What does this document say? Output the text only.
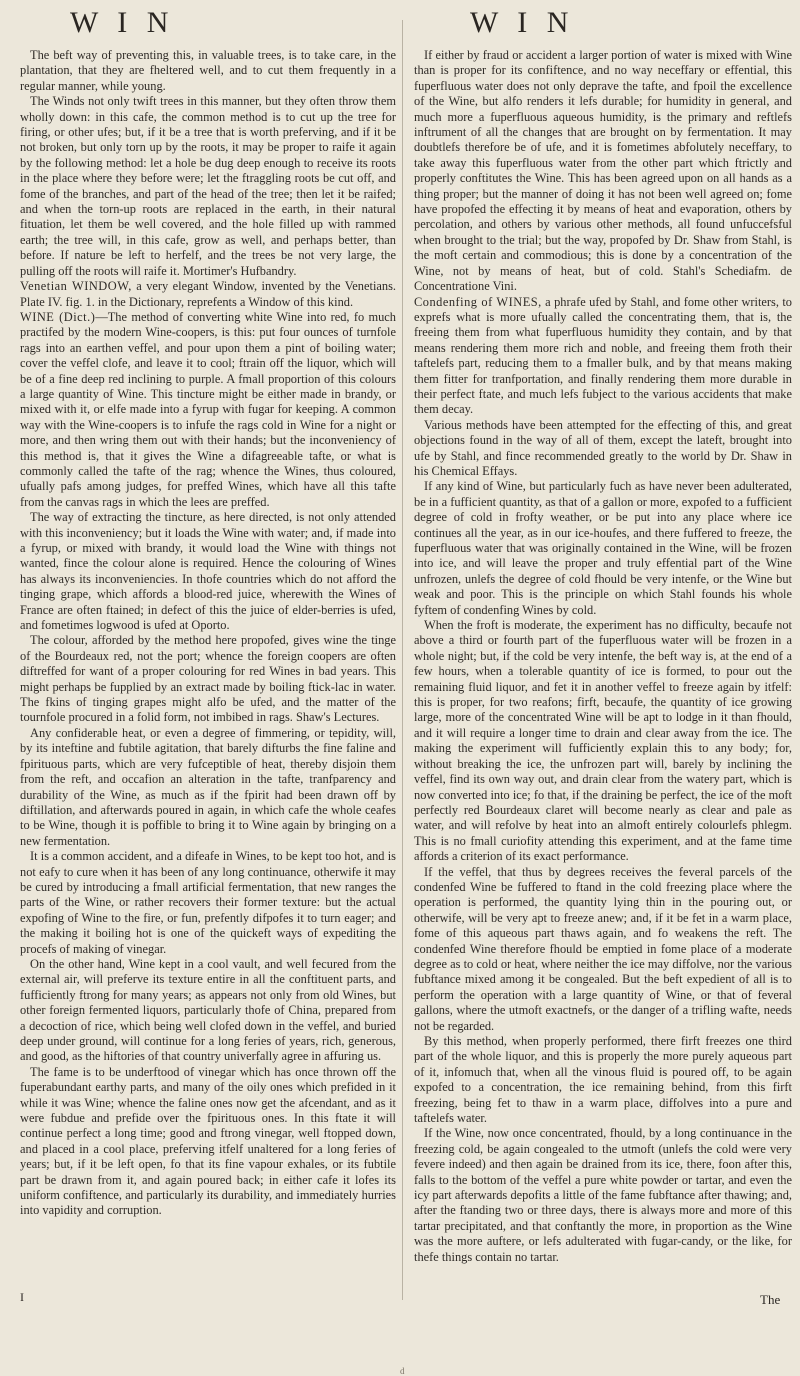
W I N	W I N

The beft way of preventing this, in valuable trees, is to take care, in the plantation, that they are fheltered well, and to cut them frequently in a regular manner, while young.

The Winds not only twift trees in this manner, but they often throw them wholly down: in this cafe, the common method is to cut up the tree for firing, or other ufes; but, if it be a tree that is worth preferving, and if it be not broken, but only torn up by the roots, it may be proper to raife it again by the following method: let a hole be dug deep enough to receive its roots in the place where they before were; let the ftraggling roots be cut off, and fome of the branches, and part of the head of the tree; then let it be raifed; and when the torn-up roots are replaced in the earth, in their natural fituation, let them be well covered, and the hole filled up with rammed earth; the tree will, in this cafe, grow as well, and perhaps better, than before. If nature be left to herfelf, and the trees be not very large, the pulling off the roots will raife it. Mortimer's Hufbandry.

Venetian WINDOW, a very elegant Window, invented by the Venetians. Plate IV. fig. 1. in the Dictionary, reprefents a Window of this kind.

WINE (Dict.)—The method of converting white Wine into red, fo much practifed by the modern Wine-coopers, is this: put four ounces of turnfole rags into an earthen veffel, and pour upon them a pint of boiling water; cover the veffel clofe, and leave it to cool; ftrain off the liquor, which will be of a fine deep red inclining to purple. A fmall proportion of this colours a large quantity of Wine. This tincture might be either made in brandy, or mixed with it, or elfe made into a fyrup with fugar for keeping. A common way with the Wine-coopers is to infufe the rags cold in Wine for a night or more, and then wring them out with their hands; but the inconveniency of this method is, that it gives the Wine a difagreeable tafte, or what is commonly called the tafte of the rag; whence the Wines, thus coloured, ufually pafs among judges, for preffed Wines, which have all this tafte from the canvas rags in which the lees are preffed.

The way of extracting the tincture, as here directed, is not only attended with this inconveniency; but it loads the Wine with water; and, if made into a fyrup, or mixed with brandy, it would load the Wine with things not wanted, fince the colour alone is required. Hence the colouring of Wines has always its inconveniencies. In thofe countries which do not afford the tinging grape, which affords a blood-red juice, wherewith the Wines of France are often ftained; in defect of this the juice of elder-berries is ufed, and fometimes logwood is ufed at Oporto.

The colour, afforded by the method here propofed, gives wine the tinge of the Bourdeaux red, not the port; whence the foreign coopers are often diftreffed for want of a proper colouring for red Wines in bad years. This might perhaps be fupplied by an extract made by boiling ftick-lac in water. The fkins of tinging grapes might alfo be ufed, and the matter of the tournfole procured in a folid form, not imbibed in rags. Shaw's Lectures.

Any confiderable heat, or even a degree of fimmering, or tepidity, will, by its inteftine and fubtile agitation, that barely difturbs the fine faline and fpirituous parts, which are very fufceptible of heat, thereby disjoin them from the reft, and occafion an alteration in the tafte, tranfparency and durability of the Wine, as much as if the fpirit had been drawn off by diftillation, and afterwards poured in again, in which cafe the whole ceafes to be Wine, though it is poffible to bring it to Wine again by bringing on a new fermentation.

It is a common accident, and a difeafe in Wines, to be kept too hot, and is not eafy to cure when it has been of any long continuance, otherwife it may be cured by introducing a fmall artificial fermentation, that new ranges the parts of the Wine, or rather recovers their former texture: but the actual expofing of Wine to the fire, or fun, prefently difpofes it to turn eager; and the making it boiling hot is one of the quickeft ways of expediting the procefs of making of vinegar.

On the other hand, Wine kept in a cool vault, and well fecured from the external air, will preferve its texture entire in all the conftituent parts, and fufficiently ftrong for many years; as appears not only from old Wines, but other foreign fermented liquors, particularly thofe of China, prepared from a decoction of rice, which being well clofed down in the veffel, and buried deep under ground, will continue for a long feries of years, rich, generous, and good, as the hiftories of that country univerfally agree in affuring us.

The fame is to be underftood of vinegar which has once thrown off the fuperabundant earthy parts, and many of the oily ones which prefided in it while it was Wine; whence the faline ones now get the afcendant, and as it were fubdue and prefide over the fpirituous ones. In this ftate it will continue perfect a long time; good and ftrong vinegar, well ftopped down, and placed in a cool place, preferving itfelf unaltered for a long feries of years; but, if it be left open, fo that its fine vapour exhales, or its fubtile part be drawn from it, and again poured back; in either cafe it lofes its uniform confiftence, and particularly its durability, and immediately hurries into vapidity and corruption.

If either by fraud or accident a larger portion of water is mixed with Wine than is proper for its confiftence, and no way neceffary or effential, this fuperfluous water does not only deprave the tafte, and fpoil the excellence of the Wine, but alfo renders it lefs durable; for humidity in general, and much more a fuperfluous aqueous humidity, is the primary and reftlefs inftrument of all the changes that are brought on by fermentation. It may doubtlefs therefore be of ufe, and it is fometimes abfolutely neceffary, to take away this fuperfluous water from the other part which ftrictly and properly conftitutes the Wine. This has been agreed upon on all hands as a thing proper; but the manner of doing it has not been well agreed on; fome have propofed the effecting it by means of heat and evaporation, others by percolation, and others by various other methods, all found unfuccefsful when brought to the trial; but the way, propofed by Dr. Shaw from Stahl, is the moft certain and commodious; this is done by a concentration of the Wine, not by means of heat, but of cold. Stahl's Schediafm. de Concentratione Vini.

Condenfing of WINES, a phrafe ufed by Stahl, and fome other writers, to exprefs what is more ufually called the concentrating them, that is, the freeing them from what fuperfluous humidity they contain, and by that means rendering them more rich and noble, and freeing them froth their taftelefs part, reducing them to a fmaller bulk, and by that means making them fitter for tranfportation, and finally rendering them more durable in their perfect ftate, and much lefs fubject to the various accidents that make them decay.

Various methods have been attempted for the effecting of this, and great objections found in the way of all of them, except the lateft, brought into ufe by Stahl, and fince recommended greatly to the world by Dr. Shaw in his Chemical Effays.

If any kind of Wine, but particularly fuch as have never been adulterated, be in a fufficient quantity, as that of a gallon or more, expofed to a fufficient degree of cold in frofty weather, or be put into any place where ice continues all the year, as in our ice-houfes, and there fuffered to freeze, the fuperfluous water that was originally contained in the Wine, will be frozen into ice, and will leave the proper and truly effential part of the Wine unfrozen, unlefs the degree of cold fhould be very intenfe, or the Wine but weak and poor. This is the principle on which Stahl founds his whole fyftem of condenfing Wines by cold.

When the froft is moderate, the experiment has no difficulty, becaufe not above a third or fourth part of the fuperfluous water will be frozen in a whole night; but, if the cold be very intenfe, the beft way is, at the end of a few hours, when a tolerable quantity of ice is formed, to pour out the remaining fluid liquor, and fet it in another veffel to freeze again by itfelf: this is proper, for two reafons; firft, becaufe, the quantity of ice growing large, more of the concentrated Wine will be apt to lodge in it than fhould, and it will require a longer time to drain and clear away from the ice. The making the experiment will fufficiently explain this to any body; for, without breaking the ice, the unfrozen part will, barely by inclining the veffel, find its own way out, and drain clear from the watery part, which is now converted into ice; fo that, if the draining be perfect, the ice of the moft perfectly red Bourdeaux claret will become nearly as clear and pale as water, and will refolve by heat into an almoft entirely colourlefs phlegm. This is no fmall curiofity attending this experiment, and at the fame time affords a criterion of its exact performance.

If the veffel, that thus by degrees receives the feveral parcels of the condenfed Wine be fuffered to ftand in the cold freezing place where the operation is performed, the quantity lying thin in the pouring out, or otherwife, will be very apt to freeze anew; and, if it be fet in a warm place, fome of this aqueous part thaws again, and fo weakens the reft. The condenfed Wine therefore fhould be emptied in fome place of a moderate degree as to cold or heat, where neither the ice may diffolve, nor the various fubftance mixed among it be congealed. But the beft expedient of all is to perform the operation with a large quantity of Wine, or that of feveral gallons, where the utmoft exactnefs, or the danger of a trifling wafte, needs not be regarded.

By this method, when properly performed, there firft freezes one third part of the whole liquor, and this is properly the more purely aqueous part of it, infomuch that, when all the vinous fluid is poured off, to be again expofed to a concentration, the ice remaining behind, from this firft freezing, being fet to thaw in a warm place, diffolves into a pure and taftelefs water.

If the Wine, now once concentrated, fhould, by a long continuance in the freezing cold, be again congealed to the utmoft (unlefs the cold were very fevere indeed) and then again be drained from its ice, there, foon after this, falls to the bottom of the veffel a pure white powder or tartar, and even the icy part afterwards depofits a little of the fame fubftance after thawing; and, after the ftanding two or three days, there is always more and more of this tartar precipitated, and that conftantly the more, in proportion as the Wine was the more auftere, or lefs adulterated with fugar-candy, or the like, for thefe things contain no tartar.

I	The
d
